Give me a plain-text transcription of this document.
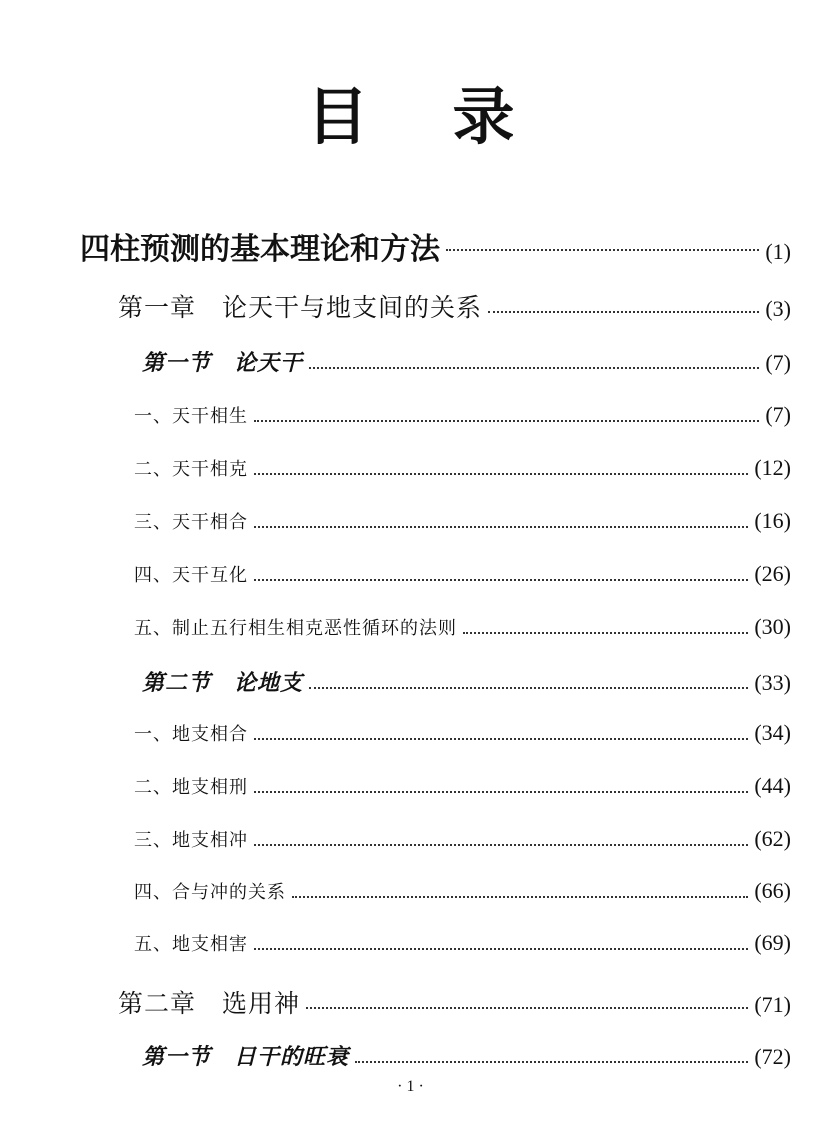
目 录
四柱预测的基本理论和方法	(1)
第一章　论天干与地支间的关系	(3)
第一节　论天干	(7)
一、天干相生	(7)
二、天干相克	(12)
三、天干相合	(16)
四、天干互化	(26)
五、制止五行相生相克恶性循环的法则	(30)
第二节　论地支	(33)
一、地支相合	(34)
二、地支相刑	(44)
三、地支相冲	(62)
四、合与冲的关系	(66)
五、地支相害	(69)
第二章　选用神	(71)
第一节　日干的旺衰	(72)
· 1 ·
